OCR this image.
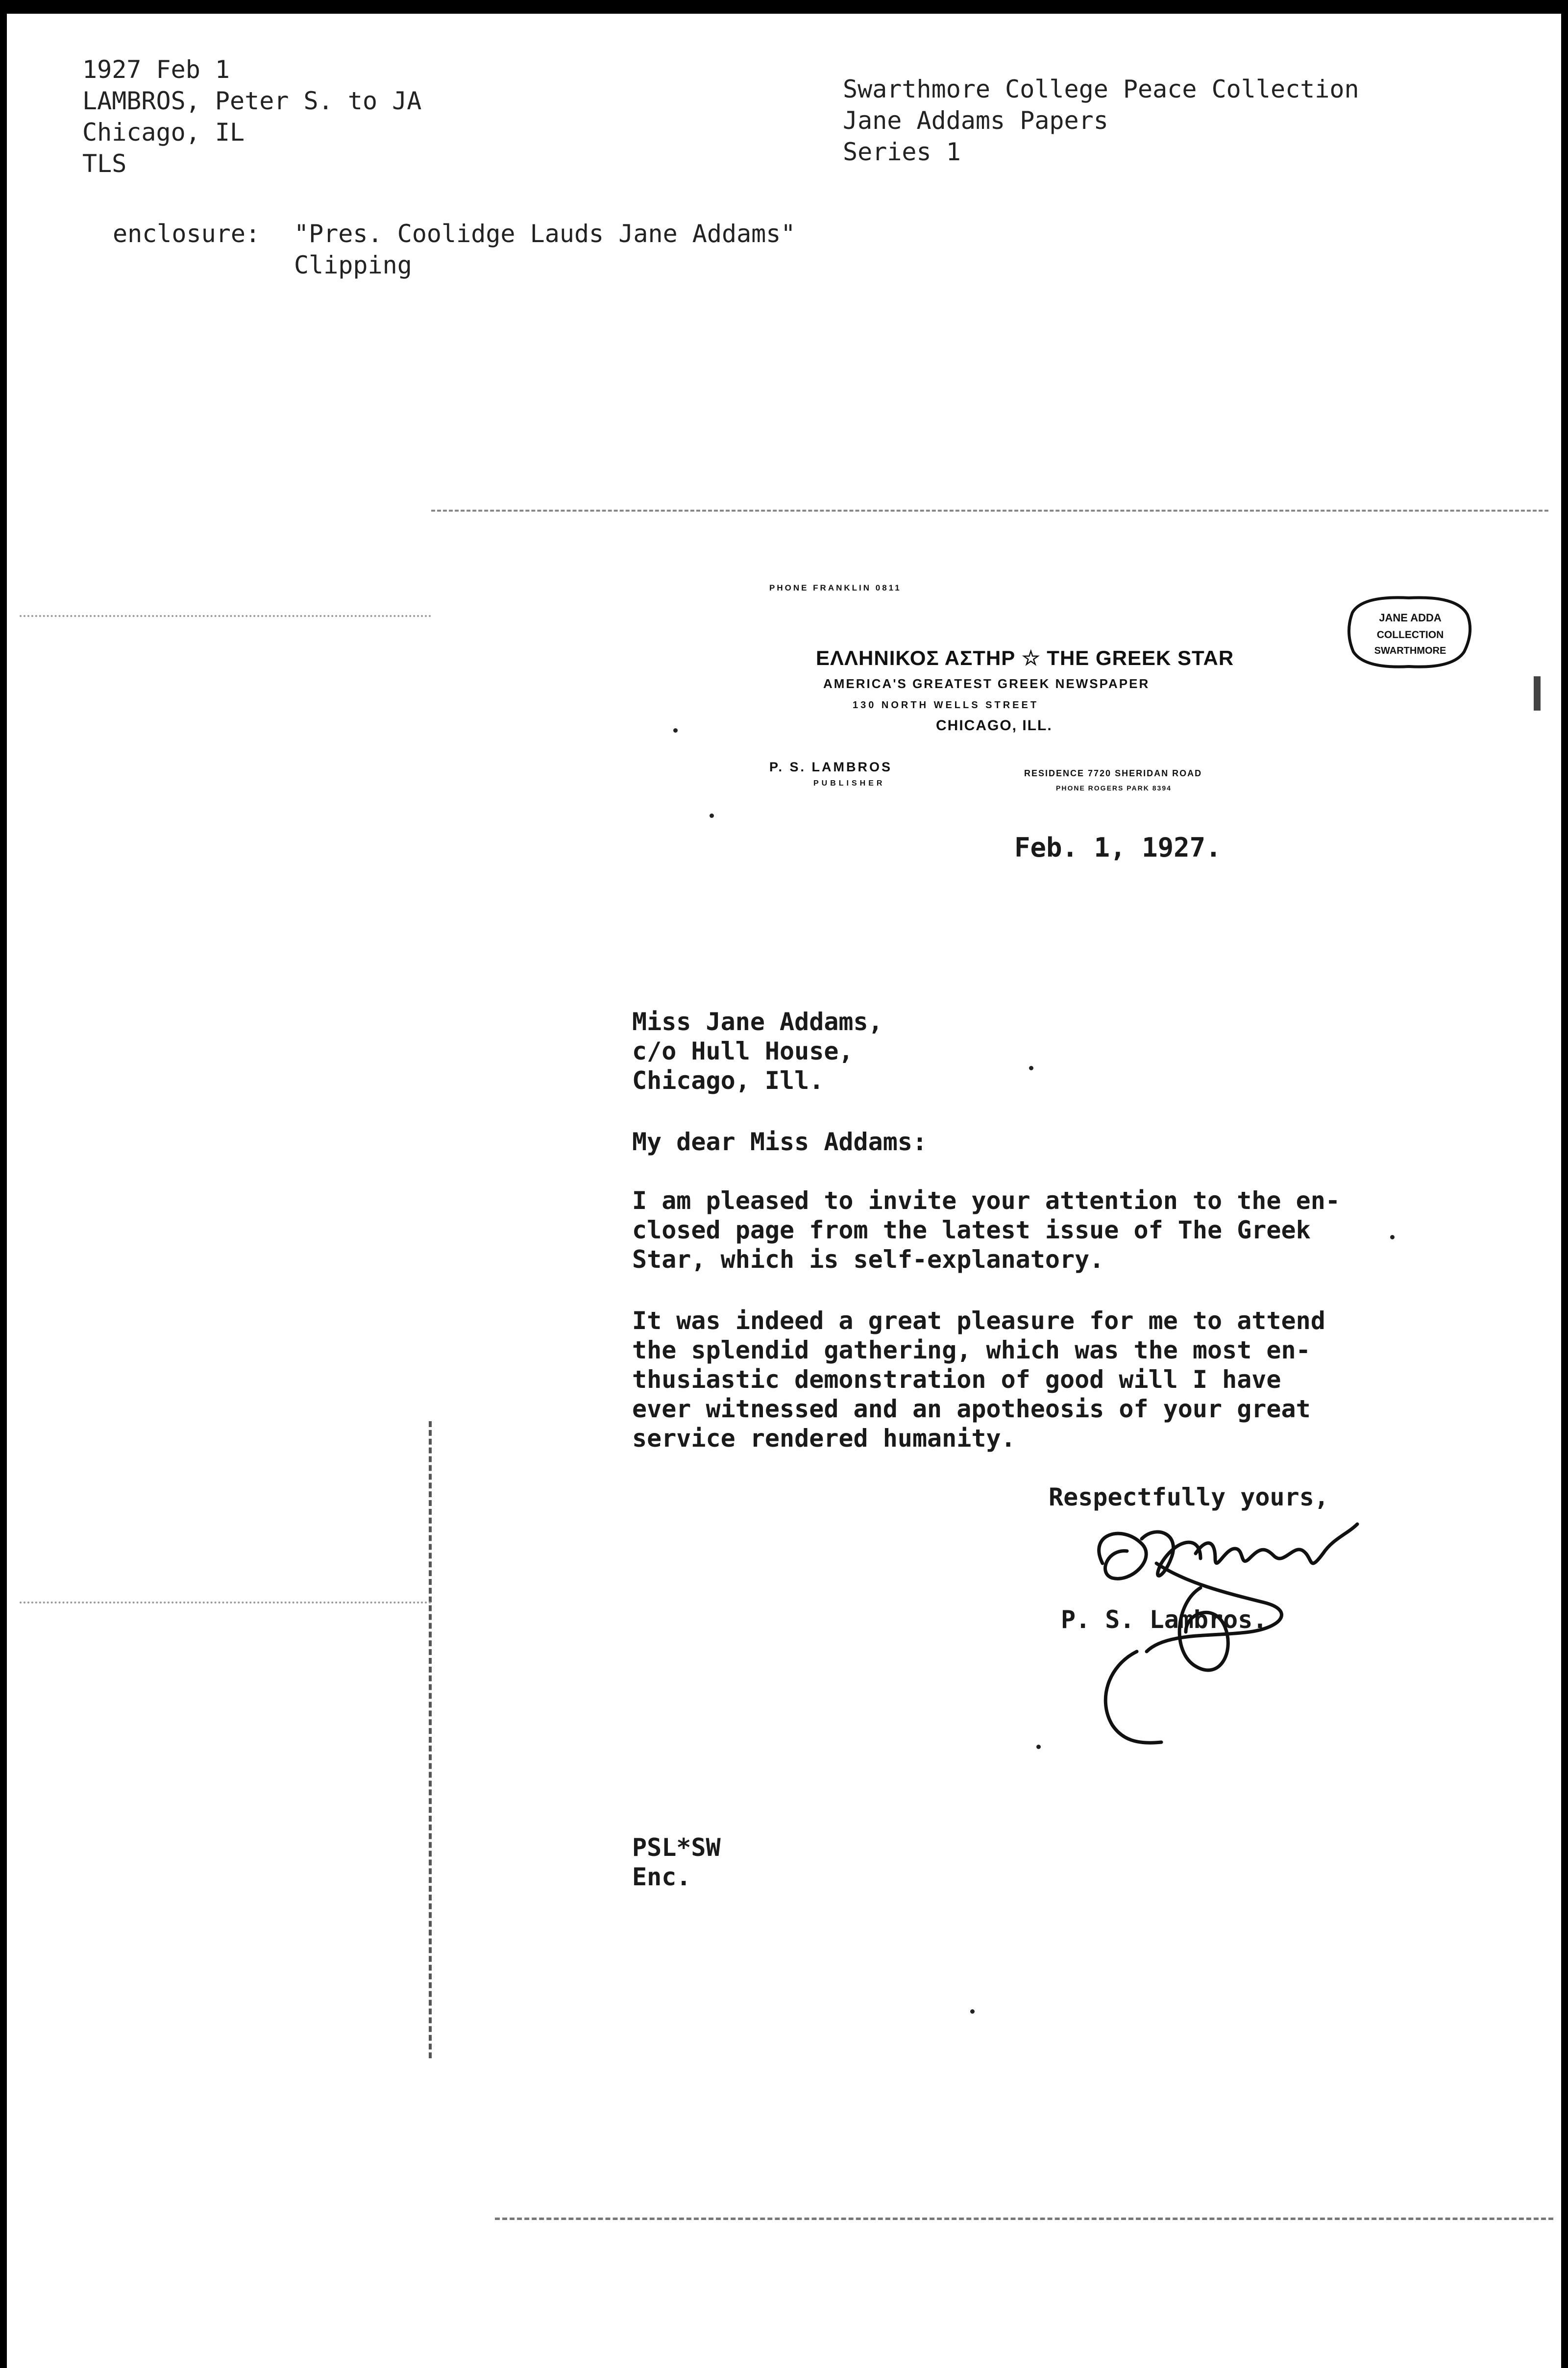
1927 Feb 1
LAMBROS, Peter S. to JA
Chicago, IL
TLS
Swarthmore College Peace Collection
Jane Addams Papers
Series 1
enclosure:	"Pres. Coolidge Lauds Jane Addams"
Clipping
PHONE FRANKLIN 0811
ΕΛΛΗΝΙΚΟΣ ΑΣΤΗΡ ☆ THE GREEK STAR
AMERICA'S GREATEST GREEK NEWSPAPER
130 NORTH WELLS STREET
CHICAGO, ILL.
P. S. LAMBROS
PUBLISHER
RESIDENCE 7720 SHERIDAN ROAD
PHONE ROGERS PARK 8394
JANE ADDA
COLLECTION
SWARTHMORE
Feb. 1, 1927.
Miss Jane Addams,
c/o Hull House,
Chicago, Ill.
My dear Miss Addams:
I am pleased to invite your attention to the en-
closed page from the latest issue of The Greek
Star, which is self-explanatory.
It was indeed a great pleasure for me to attend
the splendid gathering, which was the most en-
thusiastic demonstration of good will I have
ever witnessed and an apotheosis of your great
service rendered humanity.
Respectfully yours,
P. S. Lambros.
PSL*SW
Enc.
